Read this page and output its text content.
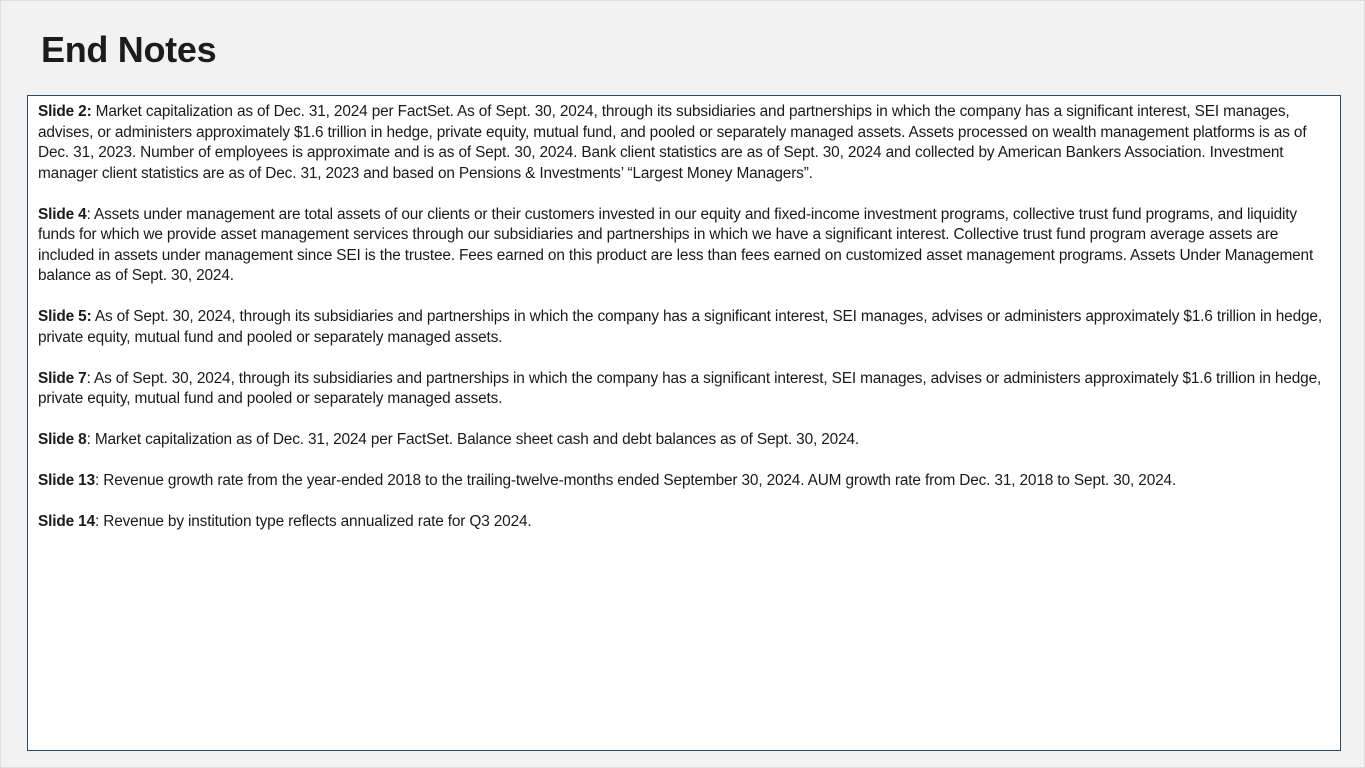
End Notes

Slide 2: Market capitalization as of Dec. 31, 2024 per FactSet. As of Sept. 30, 2024, through its subsidiaries and partnerships in which the company has a significant interest, SEI manages, advises, or administers approximately $1.6 trillion in hedge, private equity, mutual fund, and pooled or separately managed assets. Assets processed on wealth management platforms is as of Dec. 31, 2023. Number of employees is approximate and is as of Sept. 30, 2024. Bank client statistics are as of Sept. 30, 2024 and collected by American Bankers Association. Investment manager client statistics are as of Dec. 31, 2023 and based on Pensions & Investments’ “Largest Money Managers”.

Slide 4: Assets under management are total assets of our clients or their customers invested in our equity and fixed-income investment programs, collective trust fund programs, and liquidity funds for which we provide asset management services through our subsidiaries and partnerships in which we have a significant interest. Collective trust fund program average assets are included in assets under management since SEI is the trustee. Fees earned on this product are less than fees earned on customized asset management programs. Assets Under Management balance as of Sept. 30, 2024.

Slide 5: As of Sept. 30, 2024, through its subsidiaries and partnerships in which the company has a significant interest, SEI manages, advises or administers approximately $1.6 trillion in hedge, private equity, mutual fund and pooled or separately managed assets.

Slide 7: As of Sept. 30, 2024, through its subsidiaries and partnerships in which the company has a significant interest, SEI manages, advises or administers approximately $1.6 trillion in hedge, private equity, mutual fund and pooled or separately managed assets.

Slide 8: Market capitalization as of Dec. 31, 2024 per FactSet. Balance sheet cash and debt balances as of Sept. 30, 2024.

Slide 13: Revenue growth rate from the year-ended 2018 to the trailing-twelve-months ended September 30, 2024. AUM growth rate from Dec. 31, 2018 to Sept. 30, 2024.

Slide 14: Revenue by institution type reflects annualized rate for Q3 2024.
